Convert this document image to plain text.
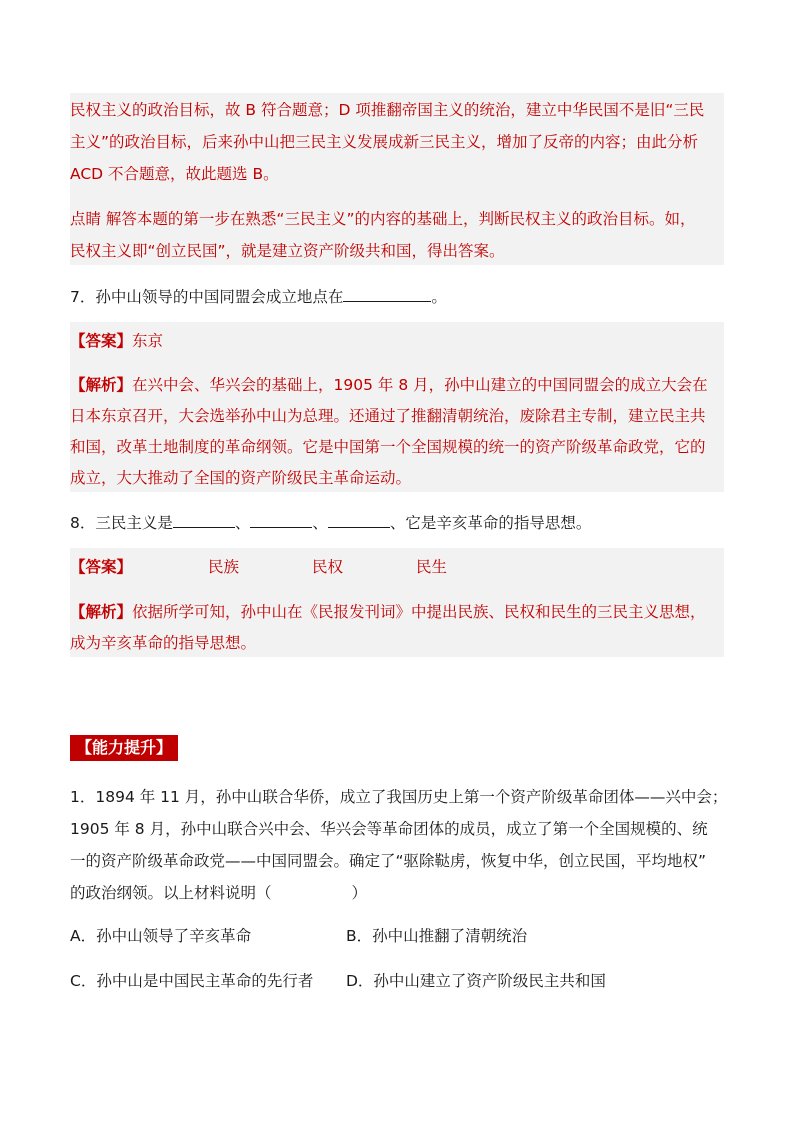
民权主义的政治目标，故 B 符合题意；D 项推翻帝国主义的统治，建立中华民国不是旧“三民
主义”的政治目标，后来孙中山把三民主义发展成新三民主义，增加了反帝的内容；由此分析
ACD 不合题意，故此题选 B。
点睛 解答本题的第一步在熟悉“三民主义”的内容的基础上，判断民权主义的政治目标。如，
民权主义即“创立民国”，就是建立资产阶级共和国，得出答案。
7．孙中山领导的中国同盟会成立地点在	。
【答案】东京
【解析】在兴中会、华兴会的基础上，1905 年 8 月，孙中山建立的中国同盟会的成立大会在
日本东京召开，大会选举孙中山为总理。还通过了推翻清朝统治，废除君主专制，建立民主共
和国，改革土地制度的革命纲领。它是中国第一个全国规模的统一的资产阶级革命政党，它的
成立，大大推动了全国的资产阶级民主革命运动。
8．三民主义是	、	、	、它是辛亥革命的指导思想。
【答案】	民族	民权	民生
【解析】依据所学可知，孙中山在《民报发刊词》中提出民族、民权和民生的三民主义思想，
成为辛亥革命的指导思想。
【能力提升】
1．1894 年 11 月，孙中山联合华侨，成立了我国历史上第一个资产阶级革命团体——兴中会；
1905 年 8 月，孙中山联合兴中会、华兴会等革命团体的成员，成立了第一个全国规模的、统
一的资产阶级革命政党——中国同盟会。确定了“驱除鞑虏，恢复中华，创立民国，平均地权”
的政治纲领。以上材料说明（	）
A．孙中山领导了辛亥革命	B．孙中山推翻了清朝统治
C．孙中山是中国民主革命的先行者 D．孙中山建立了资产阶级民主共和国
